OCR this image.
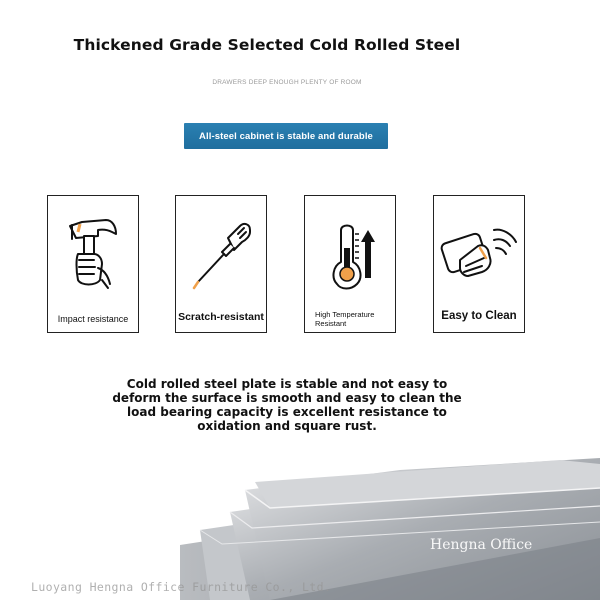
Thickened Grade Selected Cold Rolled Steel
DRAWERS DEEP ENOUGH PLENTY OF ROOM
All-steel cabinet is stable and durable
Impact resistance	Scratch-resistant	High Temperature
Resistant
Easy to Clean
Cold rolled steel plate is stable and not easy to
deform the surface is smooth and easy to clean the
load bearing capacity is excellent resistance to
oxidation and square rust.
Hengna Office
Luoyang Hengna Office Furniture Co., Ltd.
